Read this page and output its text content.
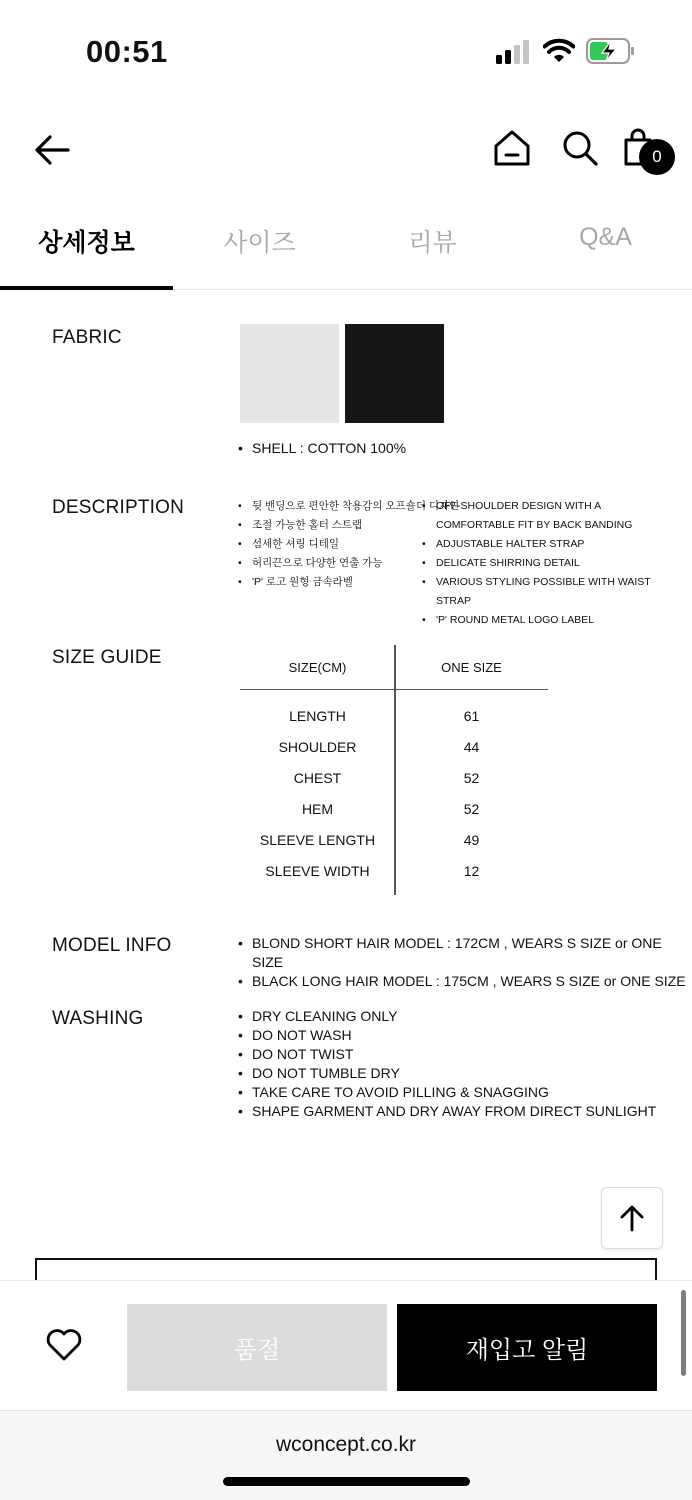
00:51
0
상세정보	사이즈	리뷰	Q&A
FABRIC
• SHELL : COTTON 100%
DESCRIPTION	• 뒷 밴딩으로 편안한 착용감의 오프숄더 디자인
• 조절 가능한 홀터 스트랩
• 섬세한 셔링 디테일
• 허리끈으로 다양한 연출 가능
• 'P' 로고 원형 금속라벨
• OFF-SHOULDER DESIGN WITH A COMFORTABLE FIT BY BACK BANDING
• ADJUSTABLE HALTER STRAP
• DELICATE SHIRRING DETAIL
• VARIOUS STYLING POSSIBLE WITH WAIST STRAP
• 'P' ROUND METAL LOGO LABEL
SIZE GUIDE	SIZE(CM)	ONE SIZE
LENGTH	61
SHOULDER	44
CHEST	52
HEM	52
SLEEVE LENGTH	49
SLEEVE WIDTH	12
MODEL INFO	• BLOND SHORT HAIR MODEL : 172CM , WEARS S SIZE or ONE SIZE
• BLACK LONG HAIR MODEL : 175CM , WEARS S SIZE or ONE SIZE
WASHING	• DRY CLEANING ONLY
• DO NOT WASH
• DO NOT TWIST
• DO NOT TUMBLE DRY
• TAKE CARE TO AVOID PILLING & SNAGGING
• SHAPE GARMENT AND DRY AWAY FROM DIRECT SUNLIGHT
품절	재입고 알림
wconcept.co.kr
